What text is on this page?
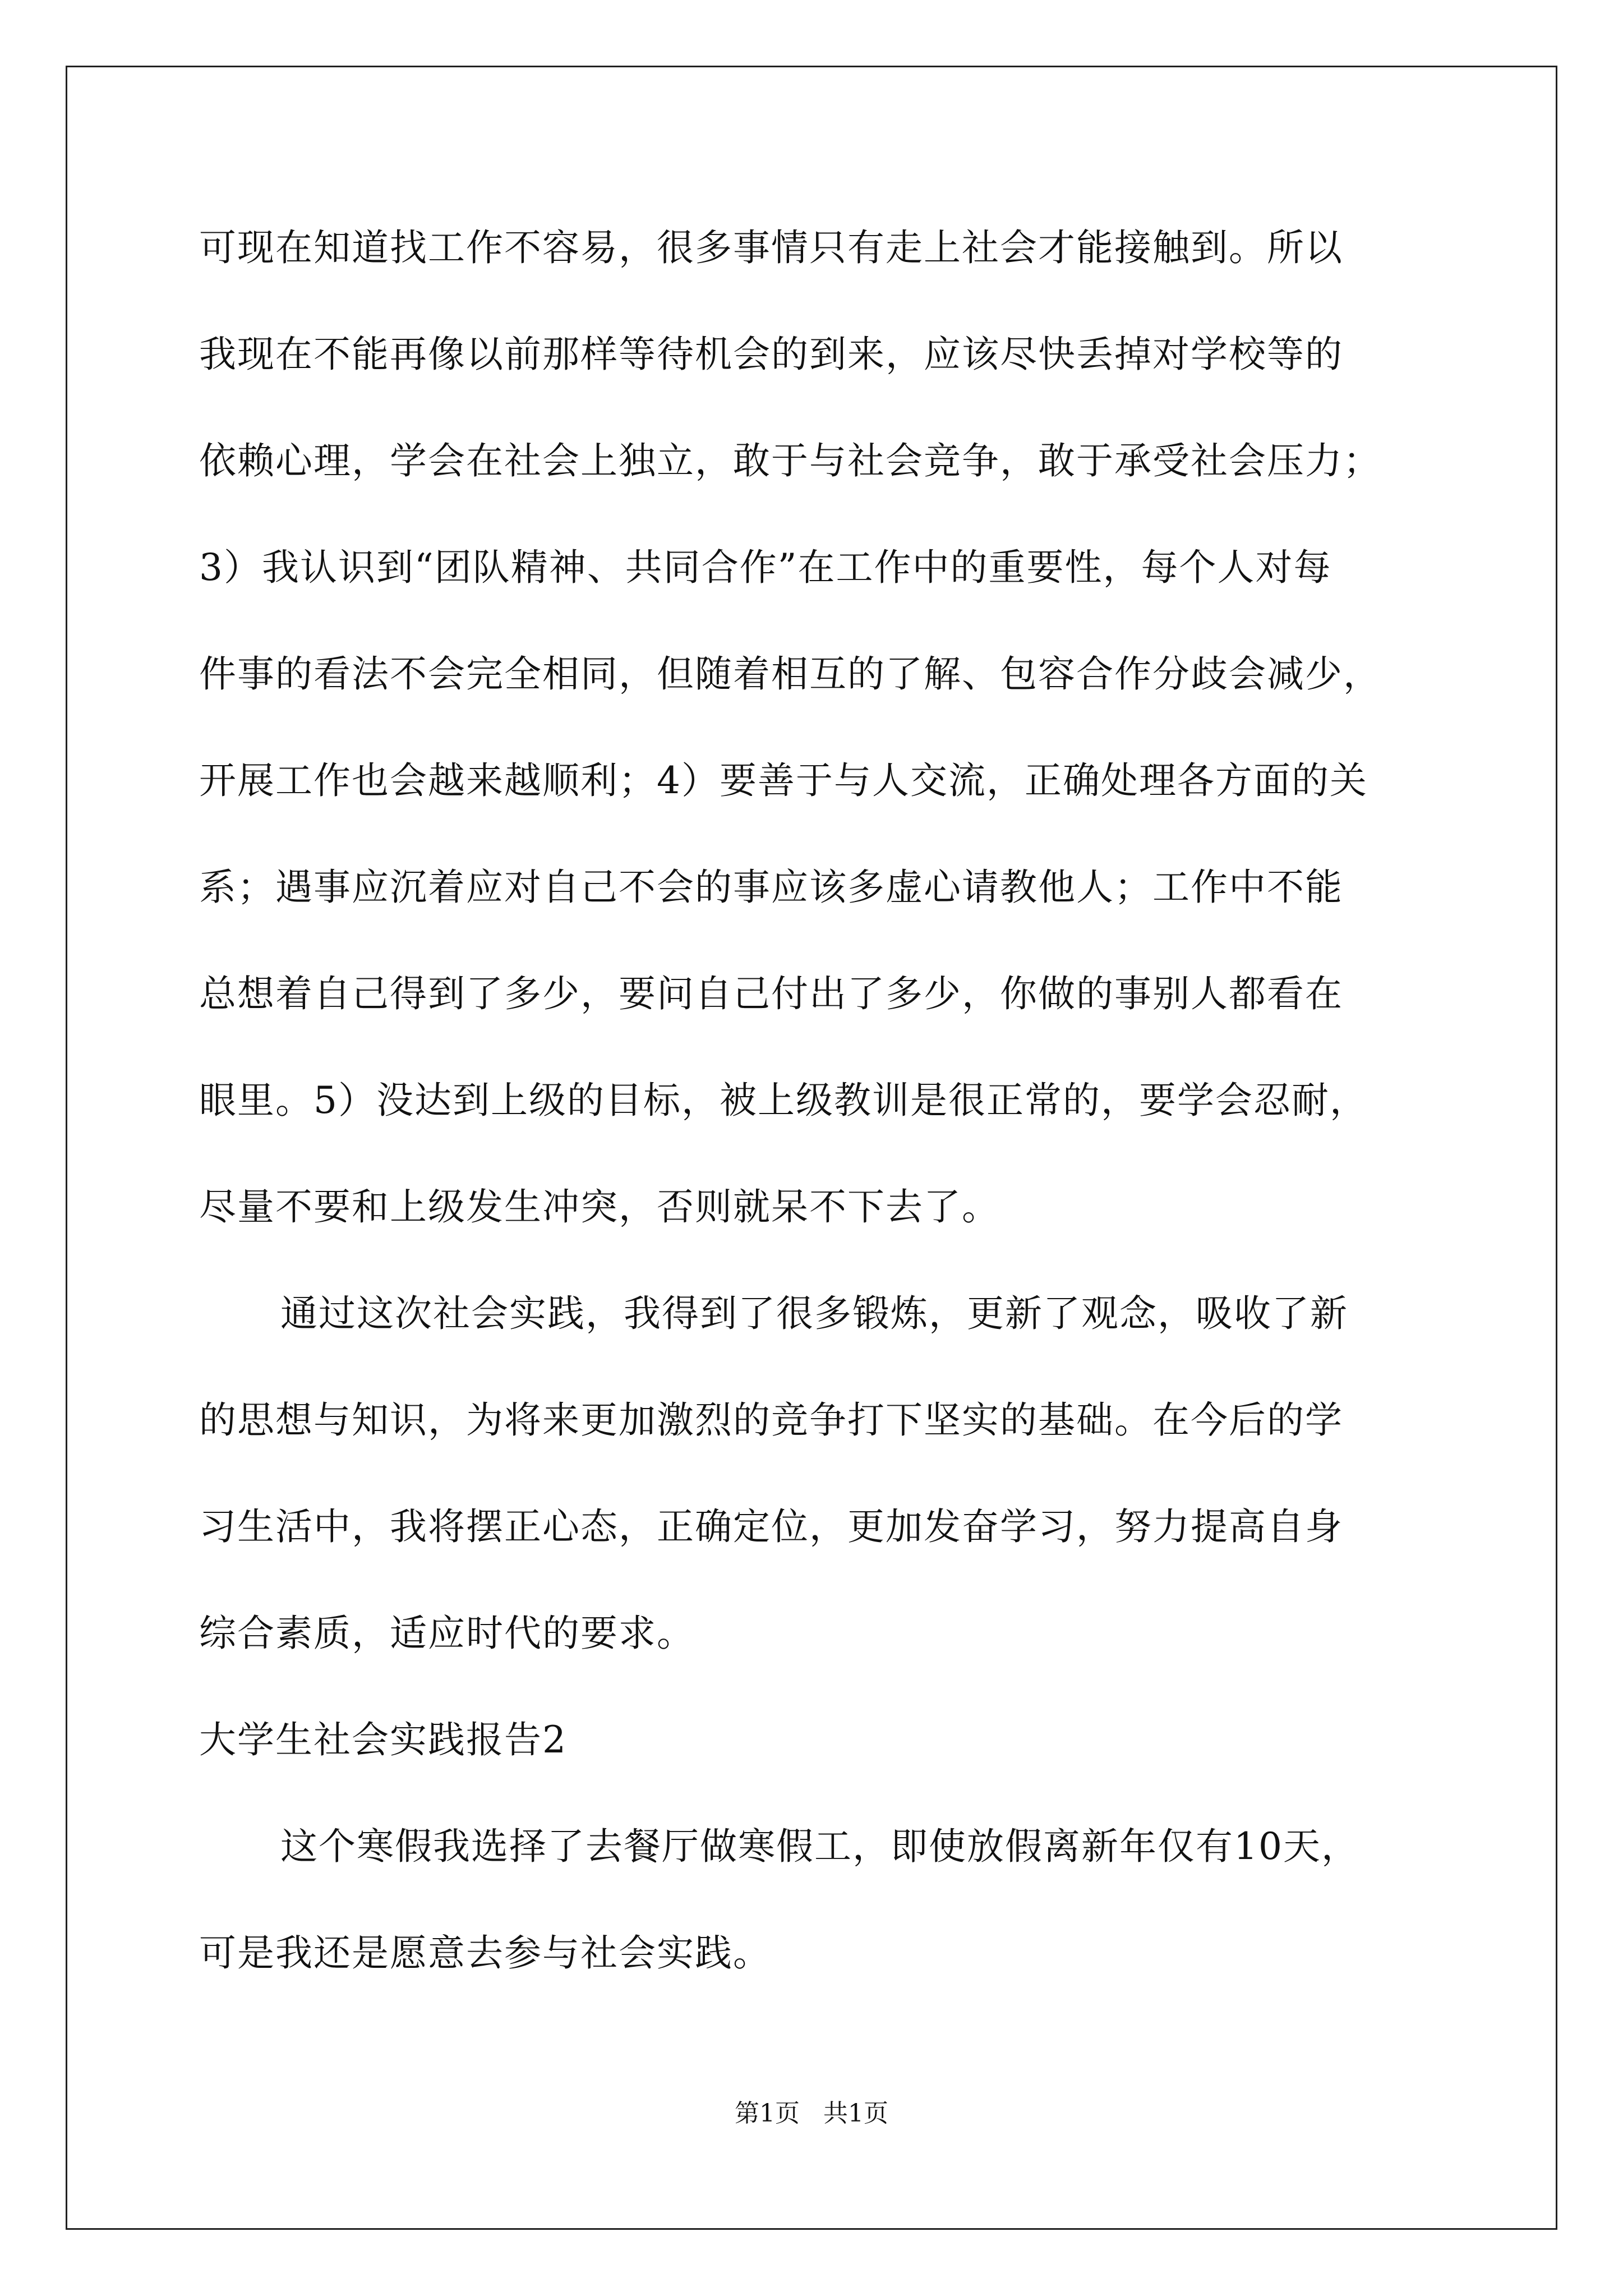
可现在知道找工作不容易，很多事情只有走上社会才能接触到。所以
我现在不能再像以前那样等待机会的到来，应该尽快丢掉对学校等的
依赖心理，学会在社会上独立，敢于与社会竞争，敢于承受社会压力；
3）我认识到“团队精神、共同合作”在工作中的重要性，每个人对每
件事的看法不会完全相同，但随着相互的了解、包容合作分歧会减少，
开展工作也会越来越顺利；4）要善于与人交流，正确处理各方面的关
系；遇事应沉着应对自己不会的事应该多虚心请教他人；工作中不能
总想着自己得到了多少，要问自己付出了多少，你做的事别人都看在
眼里。5）没达到上级的目标，被上级教训是很正常的，要学会忍耐，
尽量不要和上级发生冲突，否则就呆不下去了。
通过这次社会实践，我得到了很多锻炼，更新了观念，吸收了新
的思想与知识，为将来更加激烈的竞争打下坚实的基础。在今后的学
习生活中，我将摆正心态，正确定位，更加发奋学习，努力提高自身
综合素质，适应时代的要求。
大学生社会实践报告2
这个寒假我选择了去餐厅做寒假工，即使放假离新年仅有10天，
可是我还是愿意去参与社会实践。
第1页   共1页
